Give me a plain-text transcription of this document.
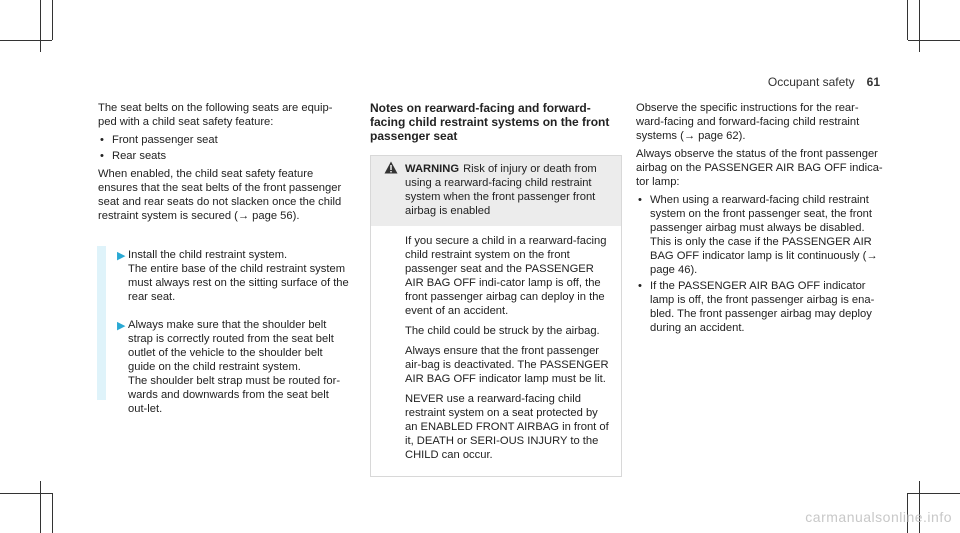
Occupant safety 61

The seat belts on the following seats are equip-ped with a child seat safety feature:

• Front passenger seat
• Rear seats

When enabled, the child seat safety feature ensures that the seat belts of the front passenger seat and rear seats do not slacken once the child restraint system is secured (→ page 56).

▶ Install the child restraint system.
The entire base of the child restraint system must always rest on the sitting surface of the rear seat.
▶ Always make sure that the shoulder belt strap is correctly routed from the seat belt outlet of the vehicle to the shoulder belt guide on the child restraint system.
The shoulder belt strap must be routed for-wards and downwards from the seat belt out-let.
Notes on rearward-facing and forward-facing child restraint systems on the front passenger seat
WARNING Risk of injury or death from using a rearward-facing child restraint system when the front passenger front airbag is enabled

If you secure a child in a rearward-facing child restraint system on the front passenger seat and the PASSENGER AIR BAG OFF indi-cator lamp is off, the front passenger airbag can deploy in the event of an accident.

The child could be struck by the airbag.

Always ensure that the front passenger air-bag is deactivated. The PASSENGER AIR BAG OFF indicator lamp must be lit.

NEVER use a rearward-facing child restraint system on a seat protected by an ENABLED FRONT AIRBAG in front of it, DEATH or SERI-OUS INJURY to the CHILD can occur.

Observe the specific instructions for the rear-ward-facing and forward-facing child restraint systems (→ page 62).

Always observe the status of the front passenger airbag on the PASSENGER AIR BAG OFF indica-tor lamp:

• When using a rearward-facing child restraint system on the front passenger seat, the front passenger airbag must always be disabled. This is only the case if the PASSENGER AIR BAG OFF indicator lamp is lit continuously (→ page 46).
• If the PASSENGER AIR BAG OFF indicator lamp is off, the front passenger airbag is ena-bled. The front passenger airbag may deploy during an accident.
carmanualsonline.info
